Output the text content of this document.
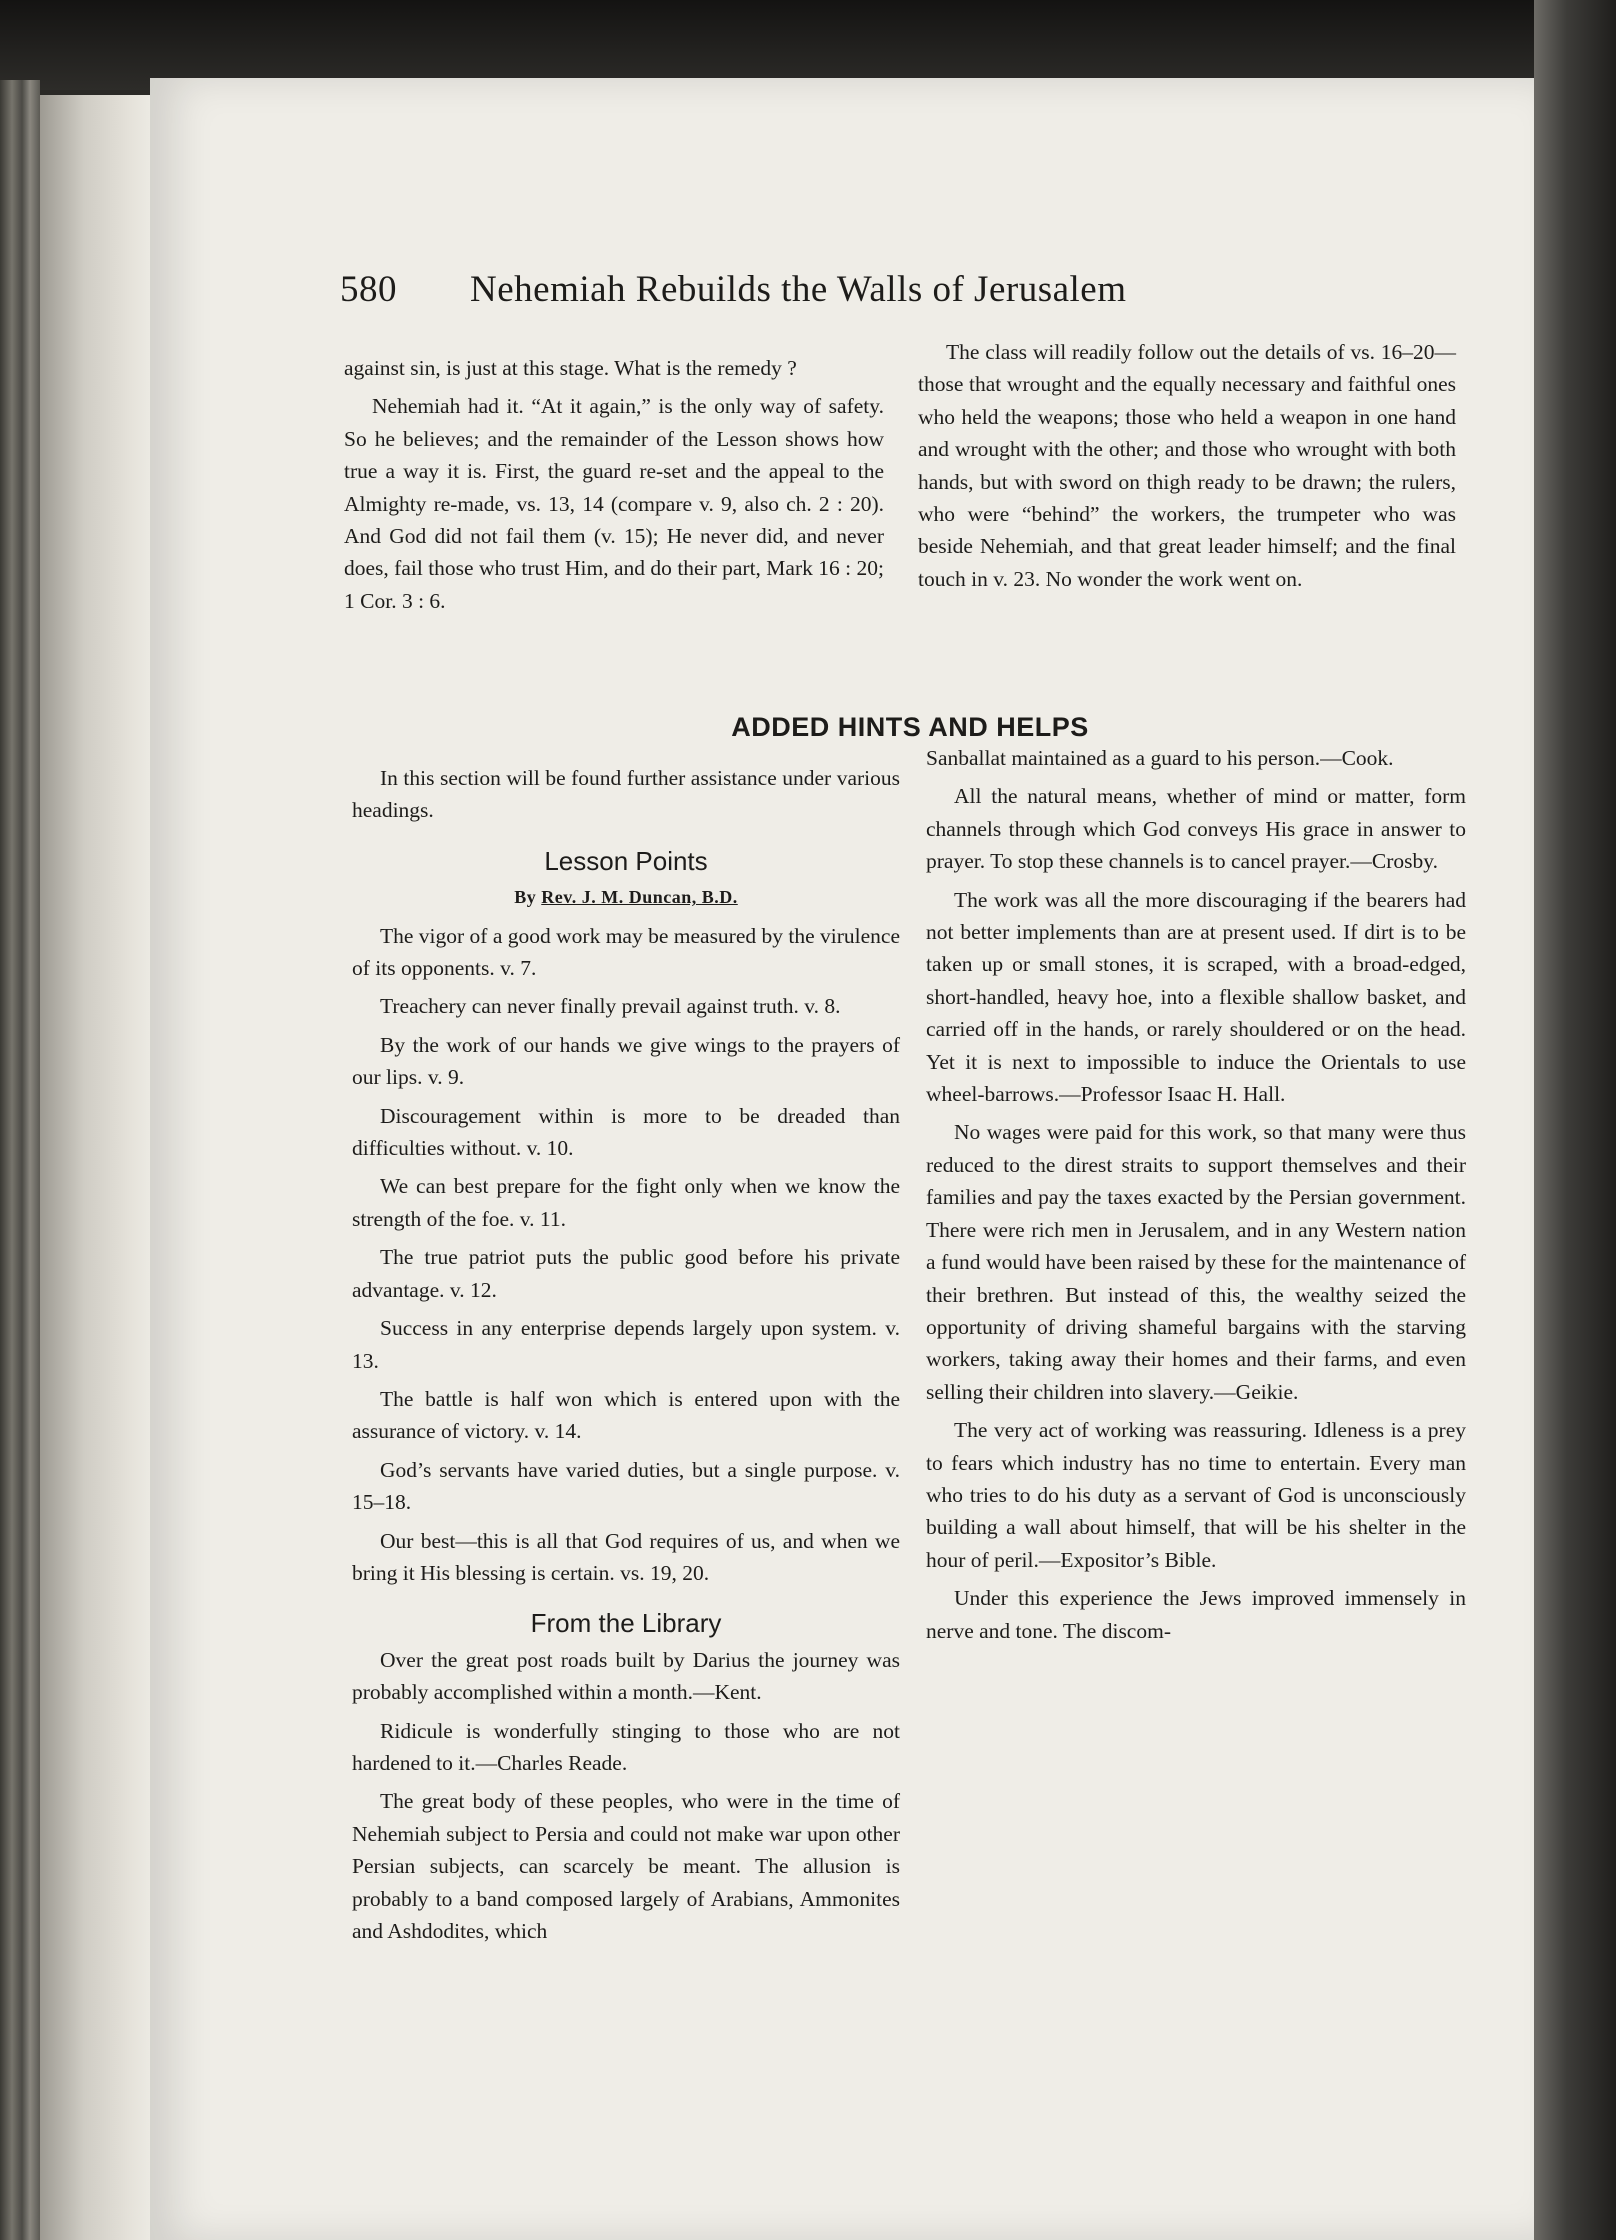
580 Nehemiah Rebuilds the Walls of Jerusalem

against sin, is just at this stage. What is the remedy ?

Nehemiah had it. “At it again,” is the only way of safety. So he believes; and the remainder of the Lesson shows how true a way it is. First, the guard re-set and the appeal to the Almighty re-made, vs. 13, 14 (compare v. 9, also ch. 2 : 20). And God did not fail them (v. 15); He never did, and never does, fail those who trust Him, and do their part, Mark 16 : 20; 1 Cor. 3 : 6.

The class will readily follow out the details of vs. 16–20—those that wrought and the equally necessary and faithful ones who held the weapons; those who held a weapon in one hand and wrought with the other; and those who wrought with both hands, but with sword on thigh ready to be drawn; the rulers, who were “behind” the workers, the trumpeter who was beside Nehemiah, and that great leader himself; and the final touch in v. 23. No wonder the work went on.

ADDED HINTS AND HELPS

In this section will be found further assistance under various headings.

Lesson Points
By Rev. J. M. Duncan, B.D.

The vigor of a good work may be measured by the virulence of its opponents. v. 7.

Treachery can never finally prevail against truth. v. 8.

By the work of our hands we give wings to the prayers of our lips. v. 9.

Discouragement within is more to be dreaded than difficulties without. v. 10.

We can best prepare for the fight only when we know the strength of the foe. v. 11.

The true patriot puts the public good before his private advantage. v. 12.

Success in any enterprise depends largely upon system. v. 13.

The battle is half won which is entered upon with the assurance of victory. v. 14.

God’s servants have varied duties, but a single purpose. v. 15–18.

Our best—this is all that God requires of us, and when we bring it His blessing is certain. vs. 19, 20.

From the Library

Over the great post roads built by Darius the journey was probably accomplished within a month.—Kent.

Ridicule is wonderfully stinging to those who are not hardened to it.—Charles Reade.

The great body of these peoples, who were in the time of Nehemiah subject to Persia and could not make war upon other Persian subjects, can scarcely be meant. The allusion is probably to a band composed largely of Arabians, Ammonites and Ashdodites, which

Sanballat maintained as a guard to his person.—Cook.

All the natural means, whether of mind or matter, form channels through which God conveys His grace in answer to prayer. To stop these channels is to cancel prayer.—Crosby.

The work was all the more discouraging if the bearers had not better implements than are at present used. If dirt is to be taken up or small stones, it is scraped, with a broad-edged, short-handled, heavy hoe, into a flexible shallow basket, and carried off in the hands, or rarely shouldered or on the head. Yet it is next to impossible to induce the Orientals to use wheel-barrows.—Professor Isaac H. Hall.

No wages were paid for this work, so that many were thus reduced to the direst straits to support themselves and their families and pay the taxes exacted by the Persian government. There were rich men in Jerusalem, and in any Western nation a fund would have been raised by these for the maintenance of their brethren. But instead of this, the wealthy seized the opportunity of driving shameful bargains with the starving workers, taking away their homes and their farms, and even selling their children into slavery.—Geikie.

The very act of working was reassuring. Idleness is a prey to fears which industry has no time to entertain. Every man who tries to do his duty as a servant of God is unconsciously building a wall about himself, that will be his shelter in the hour of peril.—Expositor’s Bible.

Under this experience the Jews improved immensely in nerve and tone. The discom-
